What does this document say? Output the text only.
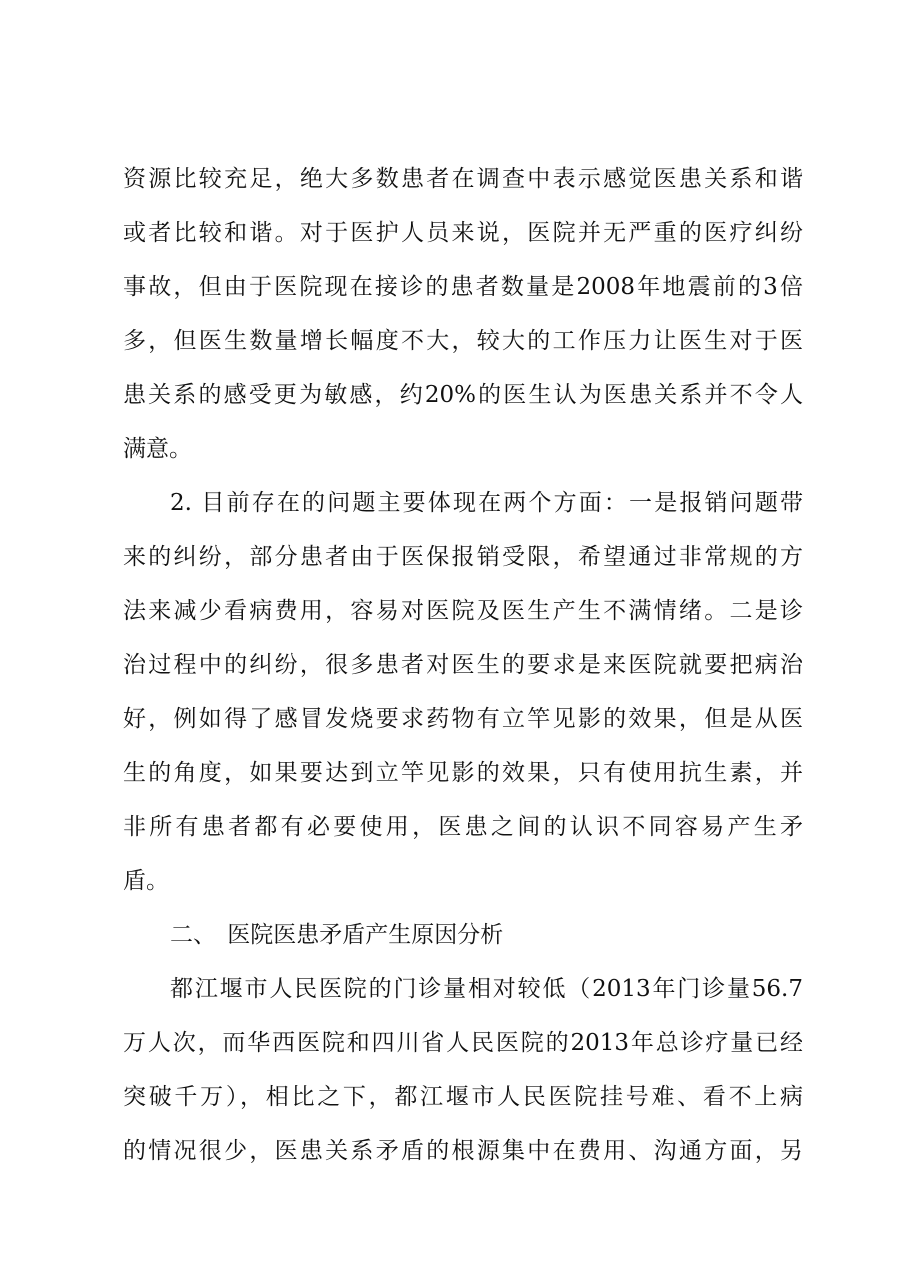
资源比较充足，绝大多数患者在调查中表示感觉医患关系和谐
或者比较和谐。对于医护人员来说，医院并无严重的医疗纠纷
事故，但由于医院现在接诊的患者数量是2008年地震前的3倍
多，但医生数量增长幅度不大，较大的工作压力让医生对于医
患关系的感受更为敏感，约20%的医生认为医患关系并不令人
满意。
2. 目前存在的问题主要体现在两个方面：一是报销问题带
来的纠纷，部分患者由于医保报销受限，希望通过非常规的方
法来减少看病费用，容易对医院及医生产生不满情绪。二是诊
治过程中的纠纷，很多患者对医生的要求是来医院就要把病治
好，例如得了感冒发烧要求药物有立竿见影的效果，但是从医
生的角度，如果要达到立竿见影的效果，只有使用抗生素，并
非所有患者都有必要使用，医患之间的认识不同容易产生矛
盾。
二、 医院医患矛盾产生原因分析
都江堰市人民医院的门诊量相对较低（2013年门诊量56.7
万人次，而华西医院和四川省人民医院的2013年总诊疗量已经
突破千万），相比之下，都江堰市人民医院挂号难、看不上病
的情况很少，医患关系矛盾的根源集中在费用、沟通方面，另
